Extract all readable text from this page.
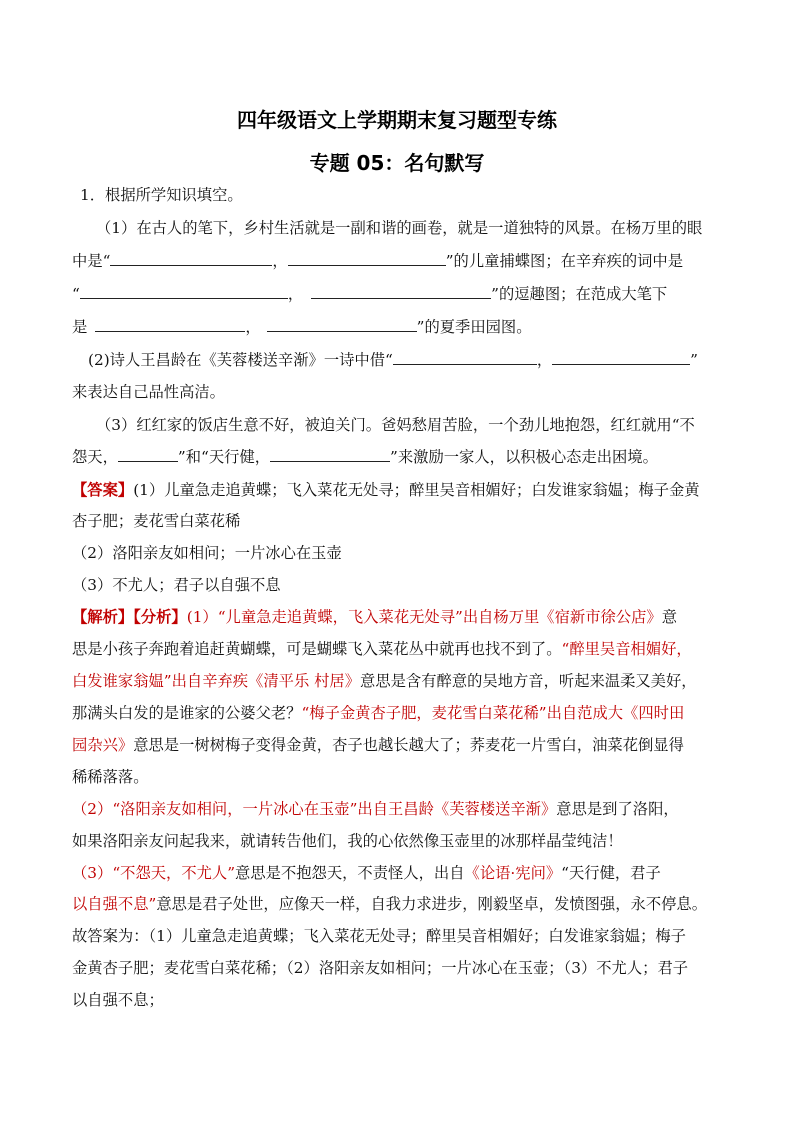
四年级语文上学期期末复习题型专练
专题 05：名句默写
1．根据所学知识填空。
（1）在古人的笔下，乡村生活就是一副和谐的画卷，就是一道独特的风景。在杨万里的眼
中是“	，	”的儿童捕蝶图；在辛弃疾的词中是
“	，	”的逗趣图；在范成大笔下
是	，	”的夏季田园图。
(2)诗人王昌龄在《芙蓉楼送辛渐》一诗中借“	，	”
来表达自己品性高洁。
（3）红红家的饭店生意不好，被迫关门。爸妈愁眉苦脸，一个劲儿地抱怨，红红就用“不
怨天，	”和“天行健，	”来激励一家人，以积极心态走出困境。
【答案】(1）儿童急走追黄蝶；飞入菜花无处寻；醉里吴音相媚好；白发谁家翁媪；梅子金黄
杏子肥；麦花雪白菜花稀
（2）洛阳亲友如相问；一片冰心在玉壶
（3）不尤人；君子以自强不息
【解析】【分析】(1）“儿童急走追黄蝶，飞入菜花无处寻”出自杨万里《宿新市徐公店》意
思是小孩子奔跑着追赶黄蝴蝶，可是蝴蝶飞入菜花丛中就再也找不到了。“醉里吴音相媚好，
白发谁家翁媪”出自辛弃疾《清平乐 村居》意思是含有醉意的吴地方音，听起来温柔又美好，
那满头白发的是谁家的公婆父老？“梅子金黄杏子肥，麦花雪白菜花稀”出自范成大《四时田
园杂兴》意思是一树树梅子变得金黄，杏子也越长越大了；荞麦花一片雪白，油菜花倒显得
稀稀落落。
（2）“洛阳亲友如相问，一片冰心在玉壶”出自王昌龄《芙蓉楼送辛渐》意思是到了洛阳，
如果洛阳亲友问起我来，就请转告他们，我的心依然像玉壶里的冰那样晶莹纯洁！
（3）“不怨天，不尤人”意思是不抱怨天，不责怪人，出自《论语·宪问》“天行健，君子
以自强不息”意思是君子处世，应像天一样，自我力求进步，刚毅坚卓，发愤图强，永不停息。
故答案为：（1）儿童急走追黄蝶；飞入菜花无处寻；醉里吴音相媚好；白发谁家翁媪；梅子
金黄杏子肥；麦花雪白菜花稀；（2）洛阳亲友如相问；一片冰心在玉壶；（3）不尤人；君子
以自强不息；
